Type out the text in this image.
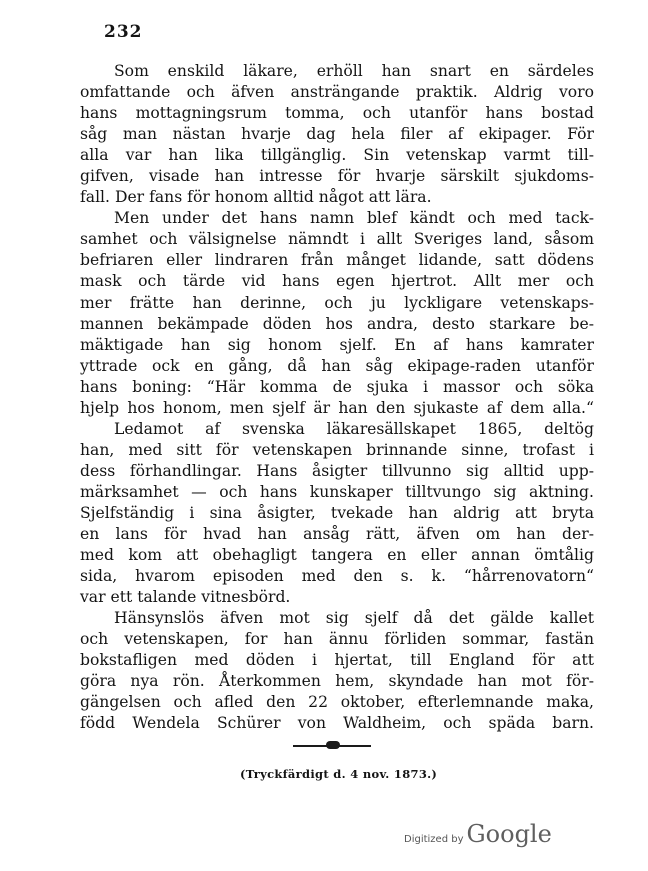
232
Som enskild läkare, erhöll han snart en särdeles
omfattande och äfven ansträngande praktik. Aldrig voro
hans mottagningsrum tomma, och utanför hans bostad
såg man nästan hvarje dag hela filer af ekipager. För
alla var han lika tillgänglig. Sin vetenskap varmt till-
gifven, visade han intresse för hvarje särskilt sjukdoms-
fall. Der fans för honom alltid något att lära.
Men under det hans namn blef kändt och med tack-
samhet och välsignelse nämndt i allt Sveriges land, såsom
befriaren eller lindraren från månget lidande, satt dödens
mask och tärde vid hans egen hjertrot. Allt mer och
mer frätte han derinne, och ju lyckligare vetenskaps-
mannen bekämpade döden hos andra, desto starkare be-
mäktigade han sig honom sjelf. En af hans kamrater
yttrade ock en gång, då han såg ekipage-raden utanför
hans boning: “Här komma de sjuka i massor och söka
hjelp hos honom, men sjelf är han den sjukaste af dem alla.“
Ledamot af svenska läkaresällskapet 1865, deltög
han, med sitt för vetenskapen brinnande sinne, trofast i
dess förhandlingar. Hans åsigter tillvunno sig alltid upp-
märksamhet — och hans kunskaper tilltvungo sig aktning.
Sjelfständig i sina åsigter, tvekade han aldrig att bryta
en lans för hvad han ansåg rätt, äfven om han der-
med kom att obehagligt tangera en eller annan ömtålig
sida, hvarom episoden med den s. k. “hårrenovatorn“
var ett talande vitnesbörd.
Hänsynslös äfven mot sig sjelf då det gälde kallet
och vetenskapen, for han ännu förliden sommar, fastän
bokstafligen med döden i hjertat, till England för att
göra nya rön. Återkommen hem, skyndade han mot för-
gängelsen och afled den 22 oktober, efterlemnande maka,
född Wendela Schürer von Waldheim, och späda barn.
(Tryckfärdigt d. 4 nov. 1873.)
Digitized by Google
